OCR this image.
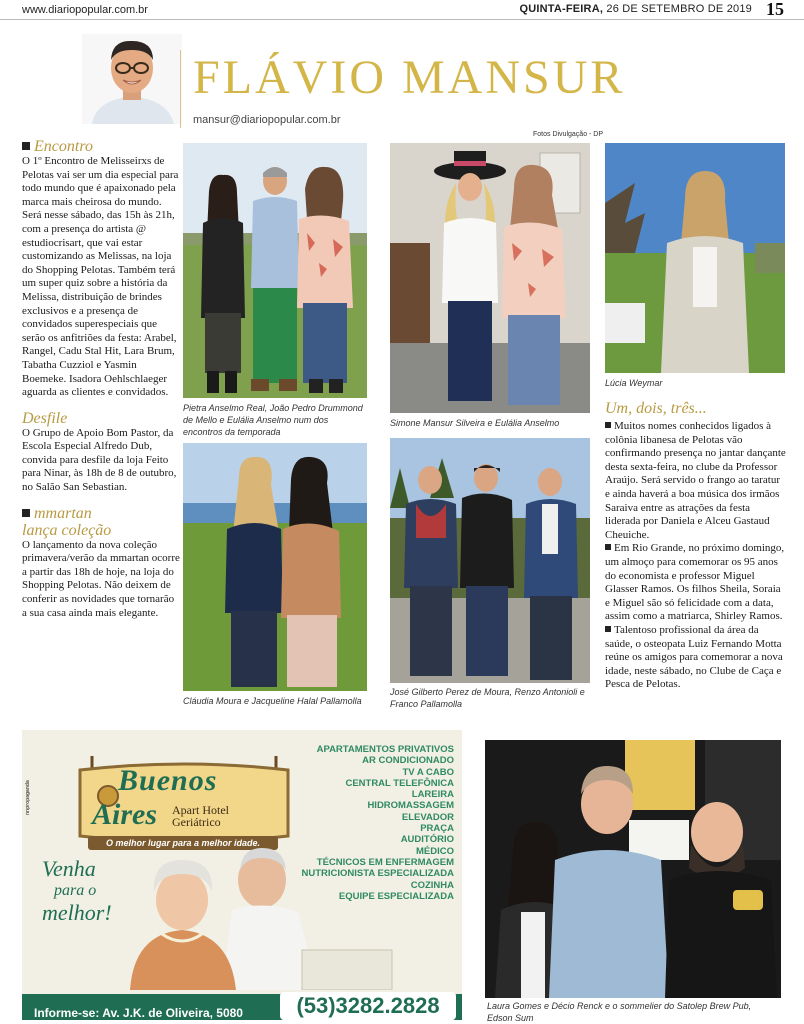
www.diariopopular.com.br	QUINTA-FEIRA, 26 DE SETEMBRO DE 2019 15
FLÁVIO MANSUR
mansur@diariopopular.com.br
Fotos Divulgação - DP
Encontro

O 1º Encontro de Melisseirxs de Pelotas vai ser um dia especial para todo mundo que é apaixonado pela marca mais cheirosa do mundo. Será nesse sábado, das 15h às 21h, com a presença do artista @ estudiocrisart, que vai estar customizando as Melissas, na loja do Shopping Pelotas. Também terá um super quiz sobre a história da Melissa, distribuição de brindes exclusivos e a presença de convidados superespeciais que serão os anfitriões da festa: Arabel, Rangel, Cadu Stal Hit, Lara Brum, Tabatha Cuzziol e Yasmin Boemeke. Isadora Oehlschlaeger aguarda as clientes e convidados.

Desfile

O Grupo de Apoio Bom Pastor, da Escola Especial Alfredo Dub, convida para desfile da loja Feito para Ninar, às 18h de 8 de outubro, no Salão San Sebastian.

mmartan
lança coleção

O lançamento da nova coleção primavera/verão da mmartan ocorre a partir das 18h de hoje, na loja do Shopping Pelotas. Não deixem de conferir as novidades que tornarão a sua casa ainda mais elegante.

Pietra Anselmo Real, João Pedro Drummond de Mello e Eulália Anselmo num dos encontros da temporada
Simone Mansur Silveira e Eulália Anselmo
Lúcia Weymar
Cláudia Moura e Jacqueline Halal Pallamolla
José Gilberto Perez de Moura, Renzo Antonioli e Franco Pallamolla
Um, dois, três...

Muitos nomes conhecidos ligados à colônia libanesa de Pelotas vão confirmando presença no jantar dançante desta sexta-feira, no clube da Professor Araújo. Será servido o frango ao taratur e ainda haverá a boa música dos irmãos Saraiva entre as atrações da festa liderada por Daniela e Alceu Gastaud Cheuiche.

Em Rio Grande, no próximo domingo, um almoço para comemorar os 95 anos do economista e professor Miguel Glasser Ramos. Os filhos Sheila, Soraia e Miguel são só felicidade com a data, assim como a matriarca, Shirley Ramos.

Talentoso profissional da área da saúde, o osteopata Luiz Fernando Motta reúne os amigos para comemorar a nova idade, neste sábado, no Clube de Caça e Pesca de Pelotas.

nnpropaganda	Buenos
Aires Apart Hotel
Geriátrico
O melhor lugar para a melhor idade.
APARTAMENTOS PRIVATIVOS
AR CONDICIONADO
TV A CABO
CENTRAL TELEFÔNICA
LAREIRA
HIDROMASSAGEM
ELEVADOR
PRAÇA
AUDITÓRIO
MÉDICO
TÉCNICOS EM ENFERMAGEM
NUTRICIONISTA ESPECIALIZADA
COZINHA
EQUIPE ESPECIALIZADA
Venha
para o
melhor!
Informe-se: Av. J.K. de Oliveira, 5080	(53)3282.2828	Laura Gomes e Décio Renck e o sommelier do Satolep Brew Pub, Edson Sum
